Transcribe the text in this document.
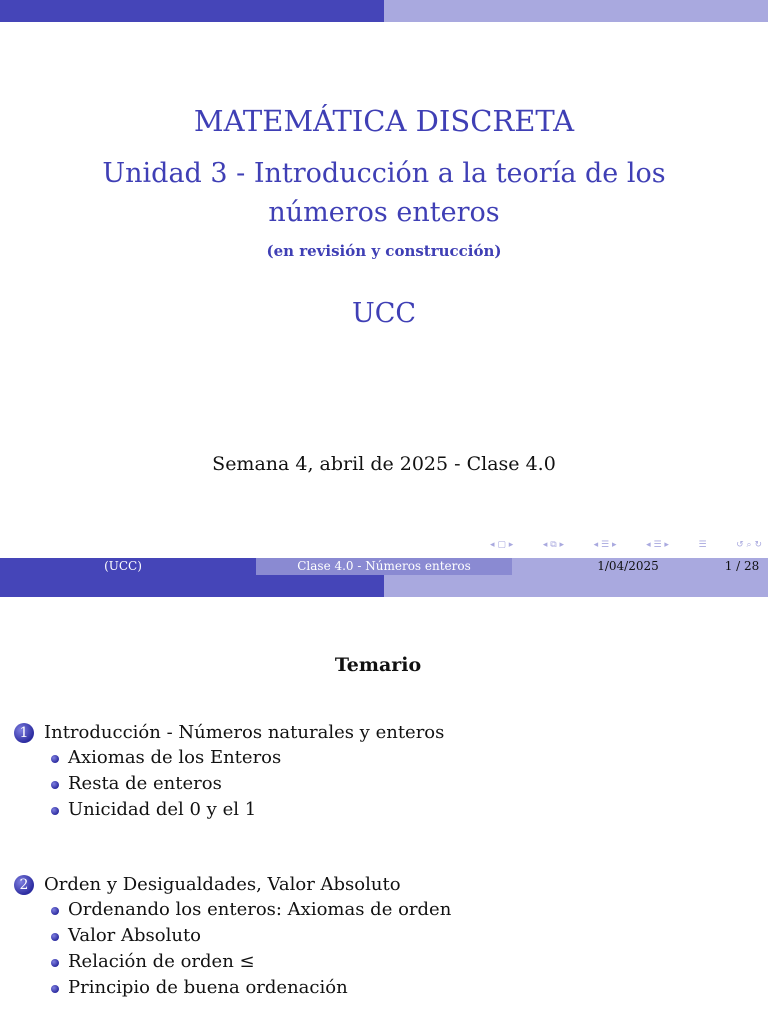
MATEMÁTICA DISCRETA
Unidad 3 - Introducción a la teoría de los números enteros
(en revisión y construcción)
UCC
Semana 4, abril de 2025 - Clase 4.0
◂ ▢ ▸	◂ ⧉ ▸	◂ ☰ ▸	◂ ☰ ▸	☰	↺ ⌕ ↻
(UCC)	Clase 4.0 - Números enteros	1/04/2025	1 / 28
Temario
1 Introducción - Números naturales y enteros
Axiomas de los Enteros
Resta de enteros
Unicidad del 0 y el 1
2 Orden y Desigualdades, Valor Absoluto
Ordenando los enteros: Axiomas de orden
Valor Absoluto
Relación de orden ≤
Principio de buena ordenación
